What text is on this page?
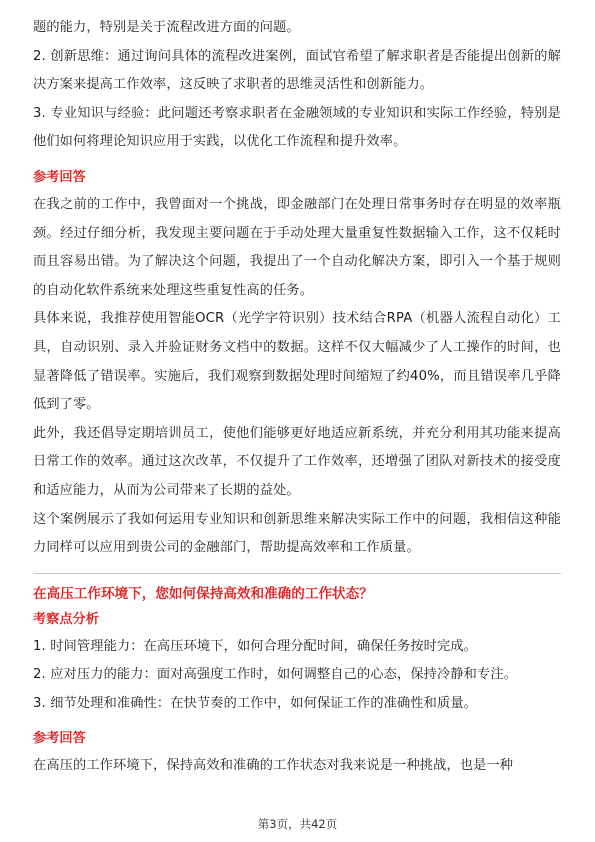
题的能力，特别是关于流程改进方面的问题。

2. 创新思维：通过询问具体的流程改进案例，面试官希望了解求职者是否能提出创新的解决方案来提高工作效率，这反映了求职者的思维灵活性和创新能力。

3. 专业知识与经验：此问题还考察求职者在金融领域的专业知识和实际工作经验，特别是他们如何将理论知识应用于实践，以优化工作流程和提升效率。

参考回答

在我之前的工作中，我曾面对一个挑战，即金融部门在处理日常事务时存在明显的效率瓶颈。经过仔细分析，我发现主要问题在于手动处理大量重复性数据输入工作，这不仅耗时而且容易出错。为了解决这个问题，我提出了一个自动化解决方案，即引入一个基于规则的自动化软件系统来处理这些重复性高的任务。

具体来说，我推荐使用智能OCR（光学字符识别）技术结合RPA（机器人流程自动化）工具，自动识别、录入并验证财务文档中的数据。这样不仅大幅减少了人工操作的时间，也显著降低了错误率。实施后，我们观察到数据处理时间缩短了约40%，而且错误率几乎降低到了零。

此外，我还倡导定期培训员工，使他们能够更好地适应新系统，并充分利用其功能来提高日常工作的效率。通过这次改革，不仅提升了工作效率，还增强了团队对新技术的接受度和适应能力，从而为公司带来了长期的益处。

这个案例展示了我如何运用专业知识和创新思维来解决实际工作中的问题，我相信这种能力同样可以应用到贵公司的金融部门，帮助提高效率和工作质量。

在高压工作环境下，您如何保持高效和准确的工作状态？
考察点分析

1. 时间管理能力：在高压环境下，如何合理分配时间，确保任务按时完成。

2. 应对压力的能力：面对高强度工作时，如何调整自己的心态，保持冷静和专注。

3. 细节处理和准确性：在快节奏的工作中，如何保证工作的准确性和质量。

参考回答

在高压的工作环境下，保持高效和准确的工作状态对我来说是一种挑战，也是一种

第3页，共42页
